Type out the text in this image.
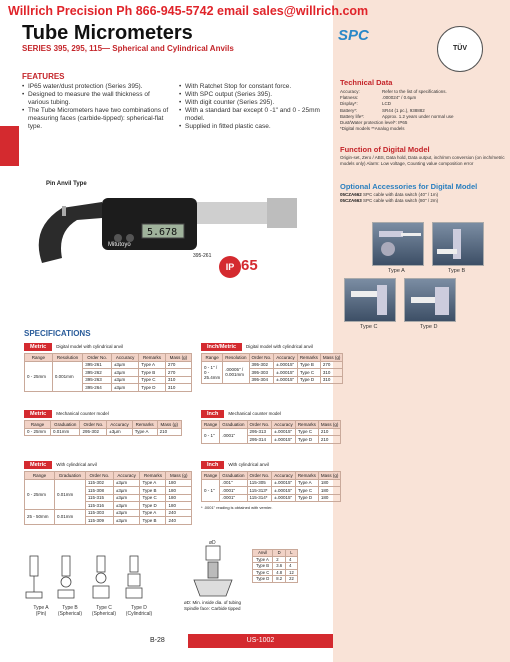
Willrich Precision Ph 866-945-5742 email sales@willrich.com
Tube Micrometers
SERIES 395, 295, 115— Spherical and Cylindrical Anvils
SPC
TÜV
FEATURES
• IP65 water/dust protection (Series 395).
• Designed to measure the wall thickness of various tubing.
• The Tube Micrometers have two combinations of measuring faces (carbide-tipped): spherical-flat type.
• With Ratchet Stop for constant force.
• With SPC output (Series 395).
• With digit counter (Series 295).
• With a standard bar except 0 -1" and 0 - 25mm model.
• Supplied in fitted plastic case.
Technical Data
Accuracy:	Refer to the list of specifications.
Flatness:	.000024" / 0.6µm
Display*:	LCD
Battery*:	SR44 (1 pc.), 938882
Battery life*:	Approx. 1.2 years under normal use
Dust/Water protection level*: IP65
*Digital models **Analog models
Function of Digital Model
Origin-set, Zero / ABS, Data hold, Data output, inch/mm conversion (on inch/metric models only) Alarm: Low voltage, Counting value composition error
Optional Accessories for Digital Model
05CZA662 SPC cable with data switch (40" / 1m)
05CZA663 SPC cable with data switch (80" / 2m)
Type A	Type B
Type C	Type D
Pin Anvil Type
5.678
Mitutoyo
395-261
IP 65
SPECIFICATIONS
Metric Digital model with cylindrical anvil
Range	Resolution	Order No.	Accuracy	Remarks	Mass (g)
0 - 25mm	0.001mm	395-261	±3µm	Type A	270
		395-262	±3µm	Type B	270
		395-263	±3µm	Type C	310
		395-264	±3µm	Type D	310
Inch/Metric Digital model with cylindrical anvil
Range	Resolution	Order No.	Accuracy	Remarks	Mass (g)
0 - 1" / 0 - 25.4mm	.00005" / 0.001mm	395-302	±.00015"	Type B	270
		395-303	±.00015"	Type C	310
		395-304	±.00015"	Type D	310
Metric Mechanical counter model
Range	Graduation	Order No.	Accuracy	Remarks	Mass (g)
0 - 25mm	0.01mm	295-302	±3µm	Type A	210
Inch Mechanical counter model
Range	Graduation	Order No.	Accuracy	Remarks	Mass (g)
0 - 1"	.0001"	295-313	±.00015"	Type C	210
		295-314	±.00015"	Type D	210
Metric With cylindrical anvil
Range	Graduation	Order No.	Accuracy	Remarks	Mass (g)
0 - 25mm	0.01mm	115-302	±3µm	Type A	180
		115-308	±3µm	Type B	180
		115-315	±3µm	Type C	180
		115-316	±3µm	Type D	180
25 - 50mm	0.01mm	115-303	±3µm	Type A	240
		115-309	±3µm	Type B	240
Inch With cylindrical anvil
Range	Graduation	Order No.	Accuracy	Remarks	Mass (g)
0 - 1"	.001"	115-305	±.00015"	Type A	180
	.0001"	115-313*	±.00015"	Type C	180
	.0001"	115-314*	±.00015"	Type D	180
* .0001" reading is obtained with vernier.
Type A
(Pin)
Type B
(Spherical)
Type C
(Spherical)
Type D
(Cylindrical)
øD
øD: Min. inside dia. of tubing
Spindle face: Carbide tipped
Anvil	D	L
Type A	2	4
Type B	3.6	4
Type C	4.8	12
Type D	8.2	22
B-28	US-1002
